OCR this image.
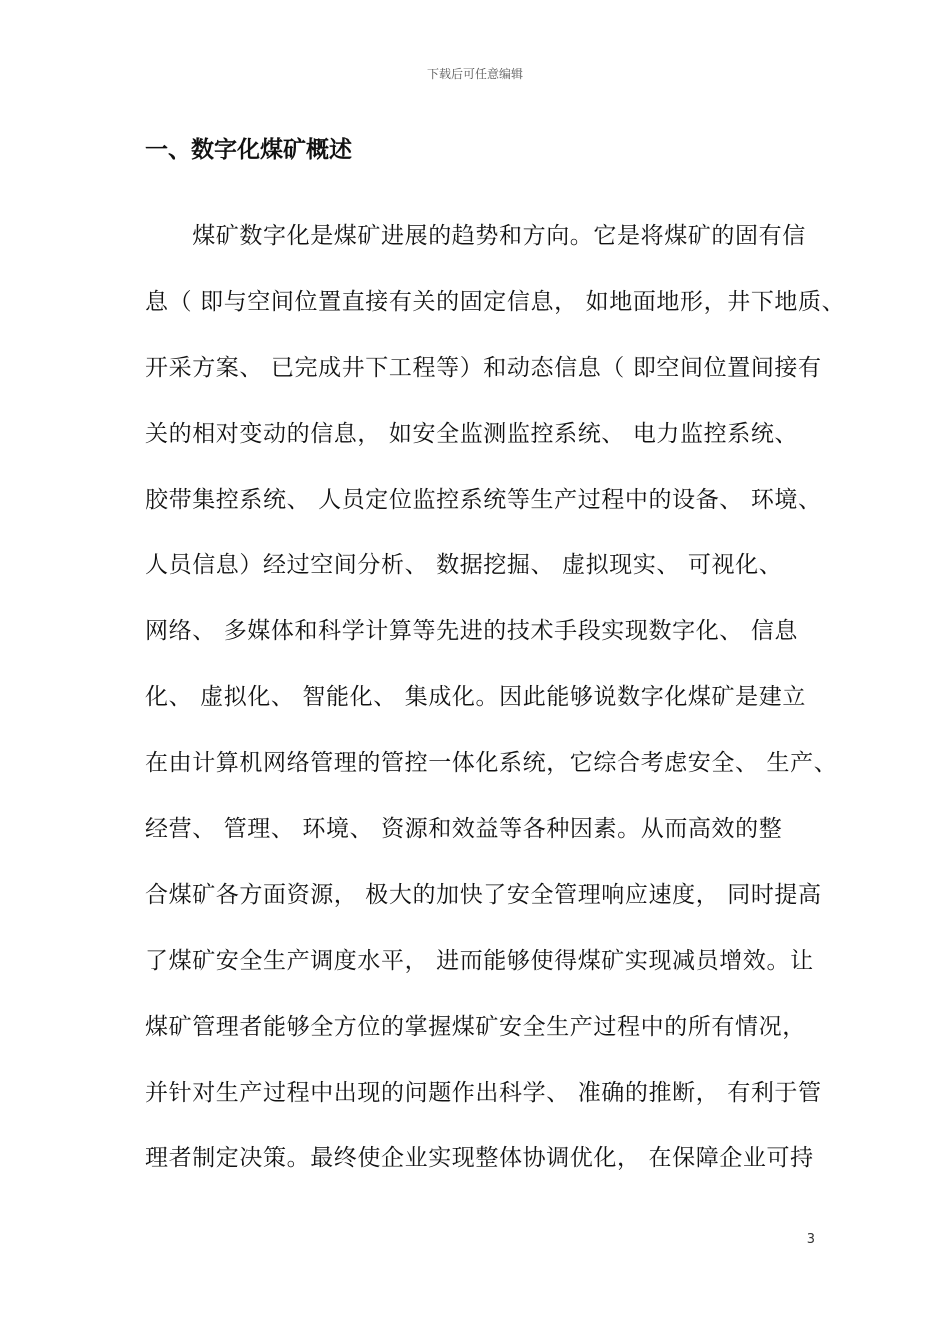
下载后可任意编辑
一、数字化煤矿概述
　　煤矿数字化是煤矿进展的趋势和方向。它是将煤矿的固有信
息（ 即与空间位置直接有关的固定信息， 如地面地形，井下地质、
开采方案、 已完成井下工程等）和动态信息（ 即空间位置间接有
关的相对变动的信息， 如安全监测监控系统、 电力监控系统、
胶带集控系统、 人员定位监控系统等生产过程中的设备、 环境、
人员信息）经过空间分析、 数据挖掘、 虚拟现实、 可视化、
网络、 多媒体和科学计算等先进的技术手段实现数字化、 信息
化、 虚拟化、 智能化、 集成化。因此能够说数字化煤矿是建立
在由计算机网络管理的管控一体化系统，它综合考虑安全、 生产、
经营、 管理、 环境、 资源和效益等各种因素。从而高效的整
合煤矿各方面资源， 极大的加快了安全管理响应速度， 同时提高
了煤矿安全生产调度水平， 进而能够使得煤矿实现减员增效。让
煤矿管理者能够全方位的掌握煤矿安全生产过程中的所有情况，
并针对生产过程中出现的问题作出科学、 准确的推断， 有利于管
理者制定决策。最终使企业实现整体协调优化， 在保障企业可持
3
